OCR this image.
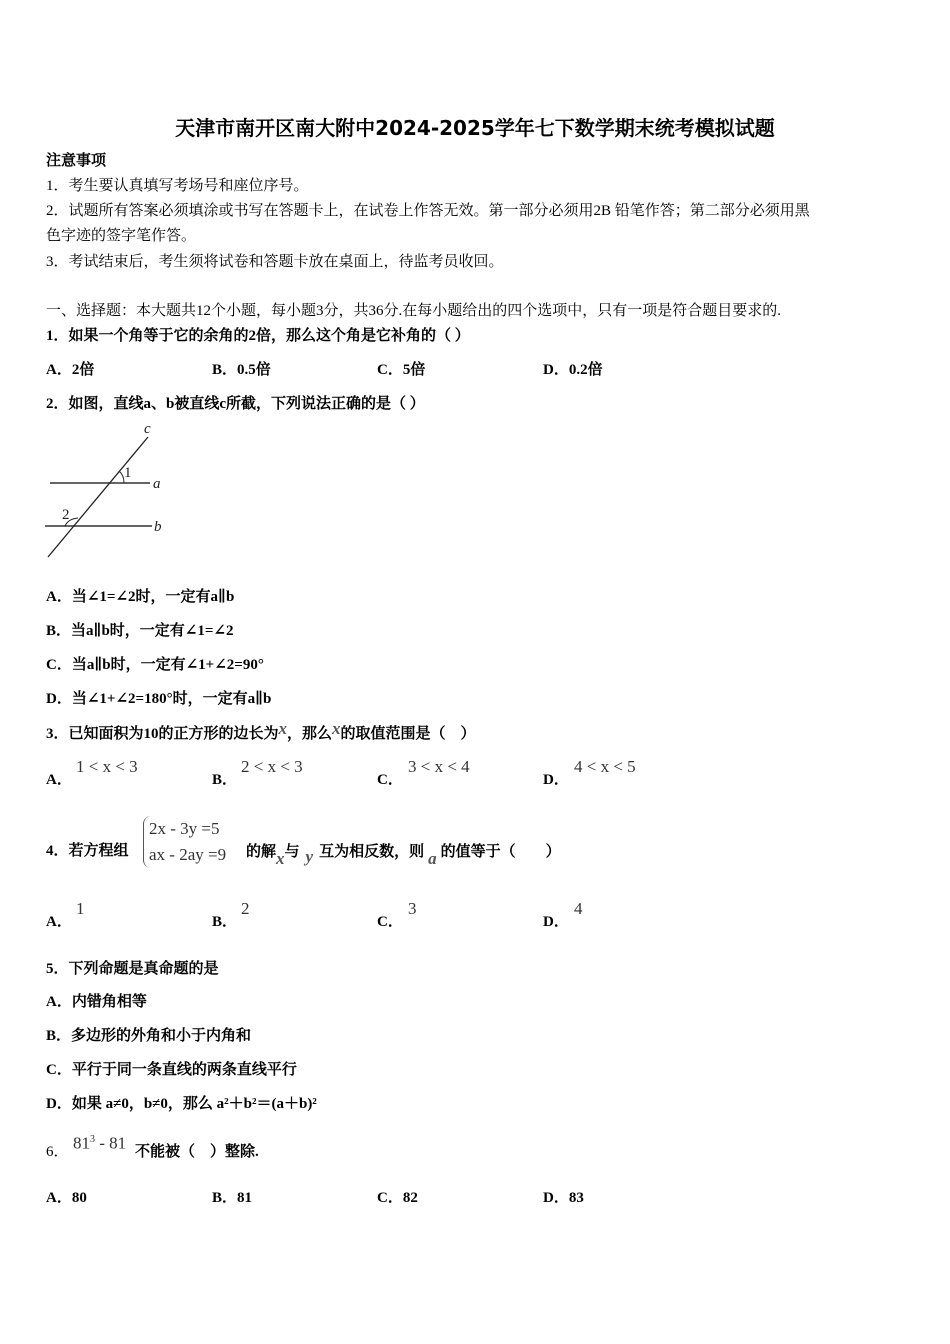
天津市南开区南大附中2024-2025学年七下数学期末统考模拟试题
注意事项
1．考生要认真填写考场号和座位序号。
2．试题所有答案必须填涂或书写在答题卡上，在试卷上作答无效。第一部分必须用2B 铅笔作答；第二部分必须用黑
色字迹的签字笔作答。
3．考试结束后，考生须将试卷和答题卡放在桌面上，待监考员收回。
一、选择题：本大题共12个小题，每小题3分，共36分.在每小题给出的四个选项中，只有一项是符合题目要求的.
1．如果一个角等于它的余角的2倍，那么这个角是它补角的（ ）
A．2倍	B．0.5倍	C．5倍	D．0.2倍
2．如图，直线a、b被直线c所截，下列说法正确的是（ ）
c
a
b
1
2
A．当∠1=∠2时，一定有a∥b
B．当a∥b时，一定有∠1=∠2
C．当a∥b时，一定有∠1+∠2=90°
D．当∠1+∠2=180°时，一定有a∥b
3．已知面积为10的正方形的边长为x，那么x的取值范围是（　）
A．
1 < x < 3
B．
2 < x < 3
C．
3 < x < 4
D．
4 < x < 5
4．若方程组
2x - 3y =5
ax - 2ay =9 的解x与 y 互为相反数，则 a 的值等于（　　）
A．
1
B．
2
C．
3
D．
4
5．下列命题是真命题的是
A．内错角相等
B．多边形的外角和小于内角和
C．平行于同一条直线的两条直线平行
D．如果 a≠0，b≠0，那么 a²＋b²＝(a＋b)²
6． $81^3 - 81$ 不能被（　）整除.
A．80	B．81	C．82	D．83
